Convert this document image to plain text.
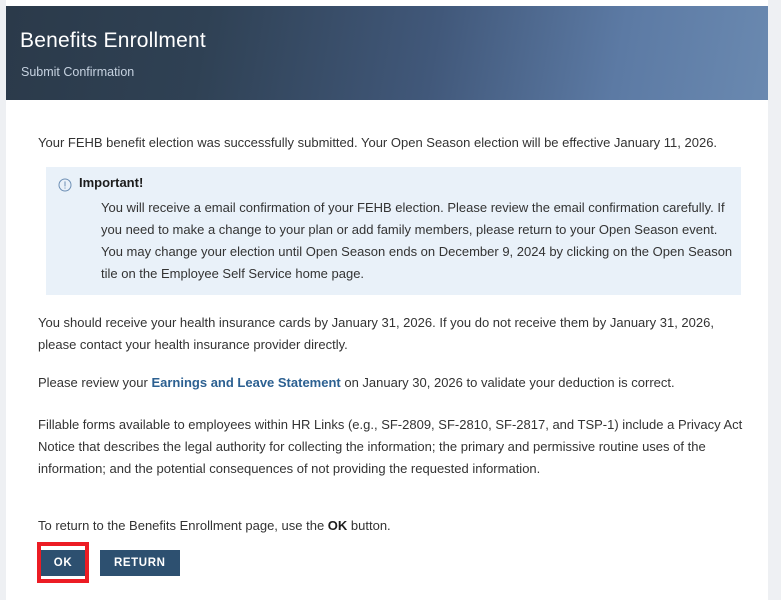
Benefits Enrollment
Submit Confirmation

Your FEHB benefit election was successfully submitted. Your Open Season election will be effective January 11, 2026.

Important!
You will receive a email confirmation of your FEHB election. Please review the email confirmation carefully. If you need to make a change to your plan or add family members, please return to your Open Season event. You may change your election until Open Season ends on December 9, 2024 by clicking on the Open Season tile on the Employee Self Service home page.

You should receive your health insurance cards by January 31, 2026. If you do not receive them by January 31, 2026, please contact your health insurance provider directly.

Please review your Earnings and Leave Statement on January 30, 2026 to validate your deduction is correct.

Fillable forms available to employees within HR Links (e.g., SF-2809, SF-2810, SF-2817, and TSP-1) include a Privacy Act Notice that describes the legal authority for collecting the information; the primary and permissive routine uses of the information; and the potential consequences of not providing the requested information.

To return to the Benefits Enrollment page, use the OK button.

OK	RETURN HOME
